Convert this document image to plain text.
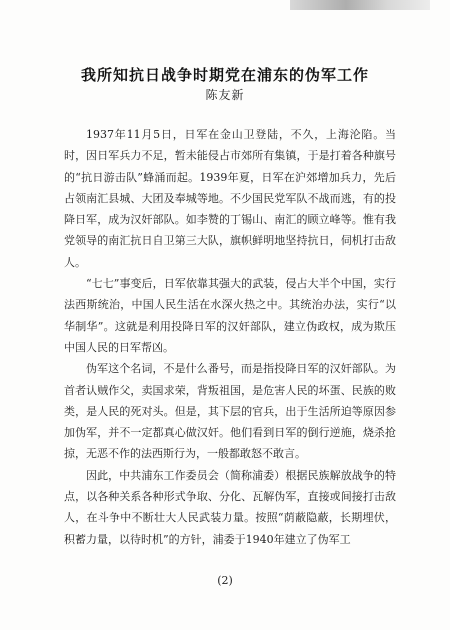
我所知抗日战争时期党在浦东的伪军工作
陈友新

1937年11月5日，日军在金山卫登陆，不久，上海沦陷。当时，因日军兵力不足，暂未能侵占市郊所有集镇，于是打着各种旗号的“抗日游击队”蜂涌而起。1939年夏，日军在沪郊增加兵力，先后占领南汇县城、大团及奉城等地。不少国民党军队不战而逃，有的投降日军，成为汉奸部队。如李赞的丁锡山、南汇的顾立峰等。惟有我党领导的南汇抗日自卫第三大队，旗帜鲜明地坚持抗日，伺机打击敌人。

“七七”事变后，日军依靠其强大的武装，侵占大半个中国，实行法西斯统治，中国人民生活在水深火热之中。其统治办法，实行“以华制华”。这就是利用投降日军的汉奸部队，建立伪政权，成为欺压中国人民的日军帮凶。

伪军这个名词，不是什么番号，而是指投降日军的汉奸部队。为首者认贼作父，卖国求荣，背叛祖国，是危害人民的坏蛋、民族的败类，是人民的死对头。但是，其下层的官兵，出于生活所迫等原因参加伪军，并不一定都真心做汉奸。他们看到日军的倒行逆施，烧杀抢掠，无恶不作的法西斯行为，一般都敢怒不敢言。

因此，中共浦东工作委员会（简称浦委）根据民族解放战争的特点，以各种关系各种形式争取、分化、瓦解伪军，直接或间接打击敌人，在斗争中不断壮大人民武装力量。按照“荫蔽隐蔽，长期埋伏，积蓄力量，以待时机”的方针，浦委于1940年建立了伪军工

(2)
